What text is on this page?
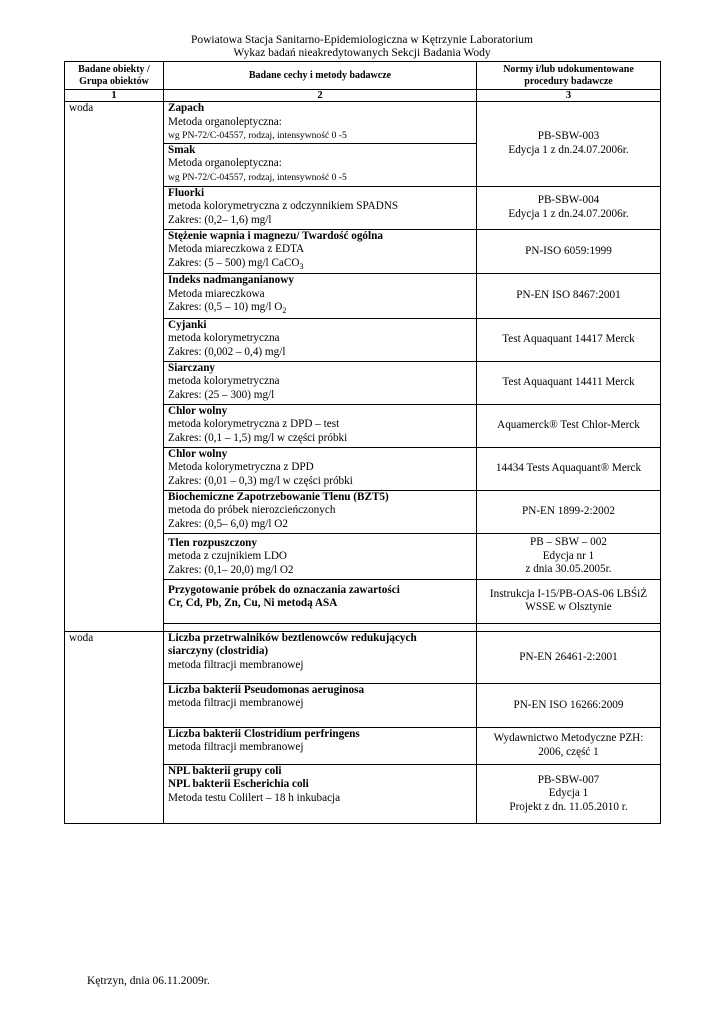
Powiatowa Stacja Sanitarno-Epidemiologiczna w Kętrzynie Laboratorium
Wykaz badań nieakredytowanych Sekcji Badania Wody
Badane obiekty /
Grupa obiektów	Badane cechy i metody badawcze	Normy i/lub udokumentowane
procedury badawcze

1	2	3
woda	Zapach
Metoda organoleptyczna:
wg PN-72/C-04557, rodzaj, intensywność 0 -5	PB-SBW-003
Edycja 1 z dn.24.07.2006r.

	Smak
Metoda organoleptyczna:
wg PN-72/C-04557, rodzaj, intensywność 0 -5	

	Fluorki
metoda kolorymetryczna z odczynnikiem SPADNS
Zakres: (0,2– 1,6) mg/l	PB-SBW-004
Edycja 1 z dn.24.07.2006r.

	Stężenie wapnia i magnezu/ Twardość ogólna
Metoda miareczkowa z EDTA
Zakres: (5 – 500) mg/l CaCO$_3$	PN-ISO 6059:1999

	Indeks nadmanganianowy
Metoda miareczkowa
Zakres: (0,5 – 10) mg/l $O_2$	PN-EN ISO 8467:2001

	Cyjanki
metoda kolorymetryczna
Zakres: (0,002 – 0,4) mg/l	Test Aquaquant 14417 Merck

	Siarczany
metoda kolorymetryczna
Zakres: (25 – 300) mg/l	Test Aquaquant 14411 Merck

	Chlor wolny
metoda kolorymetryczna z DPD – test
Zakres: (0,1 – 1,5) mg/l w części próbki	Aquamerck® Test Chlor-Merck

	Chlor wolny
Metoda kolorymetryczna z DPD
Zakres: (0,01 – 0,3) mg/l w części próbki	14434 Tests Aquaquant® Merck

	Biochemiczne Zapotrzebowanie Tlenu (BZT5)
metoda do próbek nierozcieńczonych
Zakres: (0,5– 6,0) mg/l O2	PN-EN 1899-2:2002

	Tlen rozpuszczony
metoda z czujnikiem LDO
Zakres: (0,1– 20,0) mg/l O2	PB – SBW – 002
Edycja nr 1
z dnia 30.05.2005r.

	Przygotowanie próbek do oznaczania zawartości
Cr, Cd, Pb, Zn, Cu, Ni metodą ASA	Instrukcja I-15/PB-OAS-06 LBŚiŻ
WSSE w Olsztynie

woda	Liczba przetrwalników beztlenowców redukujących
siarczyny (clostridia)
metoda filtracji membranowej	PN-EN 26461-2:2001

	Liczba bakterii Pseudomonas aeruginosa
metoda filtracji membranowej	PN-EN ISO 16266:2009

	Liczba bakterii Clostridium perfringens
metoda filtracji membranowej	Wydawnictwo Metodyczne PZH:
2006, część 1

	NPL bakterii grupy coli
NPL bakterii Escherichia coli
Metoda testu Colilert – 18 h inkubacja	PB-SBW-007
Edycja 1
Projekt z dn. 11.05.2010 r.
Kętrzyn, dnia 06.11.2009r.
